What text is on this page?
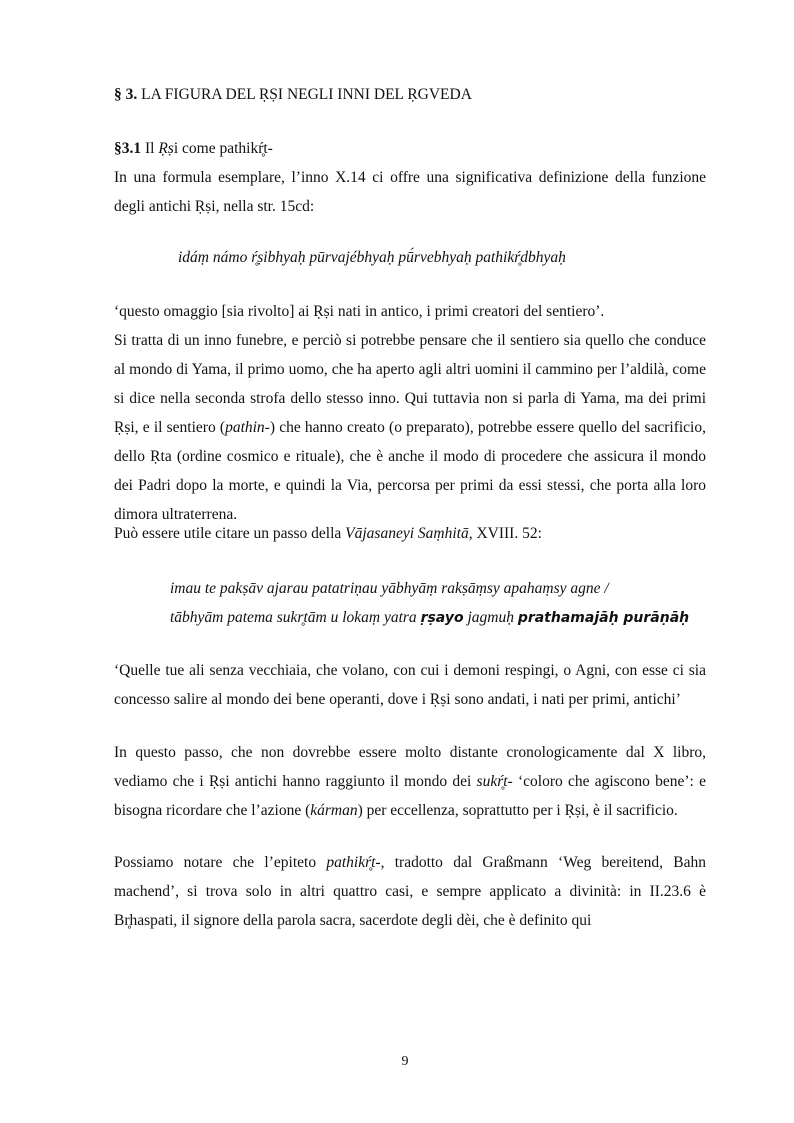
§ 3. LA FIGURA DEL ṚṢI NEGLI INNI DEL ṚGVEDA
§3.1 Il Ṛṣi come pathikŕ̥t-
In una formula esemplare, l’inno X.14 ci offre una significativa definizione della funzione degli antichi Ṛṣi, nella str. 15cd:
idáṃ námo ŕ̥ṣibhyaḥ pūrvajébhyaḥ pū́rvebhyaḥ pathikŕ̥dbhyaḥ
‘questo omaggio [sia rivolto] ai Ṛṣi nati in antico, i primi creatori del sentiero’.
Si tratta di un inno funebre, e perciò si potrebbe pensare che il sentiero sia quello che conduce al mondo di Yama, il primo uomo, che ha aperto agli altri uomini il cammino per l’aldilà, come si dice nella seconda strofa dello stesso inno. Qui tuttavia non si parla di Yama, ma dei primi Ṛṣi, e il sentiero (pathin-) che hanno creato (o preparato), potrebbe essere quello del sacrificio, dello Ṛta (ordine cosmico e rituale), che è anche il modo di procedere che assicura il mondo dei Padri dopo la morte, e quindi la Via, percorsa per primi da essi stessi, che porta alla loro dimora ultraterrena.
Può essere utile citare un passo della Vājasaneyi Saṃhitā, XVIII. 52:
imau te pakṣāv ajarau patatriṇau yābhyāṃ rakṣāṃsy apahaṃsy agne /
tābhyām patema sukr̥tām u lokaṃ yatra ṛṣayo jagmuḥ prathamajāḥ purāṇāḥ
‘Quelle tue ali senza vecchiaia, che volano, con cui i demoni respingi, o Agni, con esse ci sia concesso salire al mondo dei bene operanti, dove i Ṛṣi sono andati, i nati per primi, antichi’
In questo passo, che non dovrebbe essere molto distante cronologicamente dal X libro, vediamo che i Ṛṣi antichi hanno raggiunto il mondo dei sukŕ̥t- ‘coloro che agiscono bene’: e bisogna ricordare che l’azione (kárman) per eccellenza, soprattutto per i Ṛṣi, è il sacrificio.
Possiamo notare che l’epiteto pathikŕ̥t-, tradotto dal Graßmann ‘Weg bereitend, Bahn machend’, si trova solo in altri quattro casi, e sempre applicato a divinità: in II.23.6 è Br̥haspati, il signore della parola sacra, sacerdote degli dèi, che è definito qui
9
